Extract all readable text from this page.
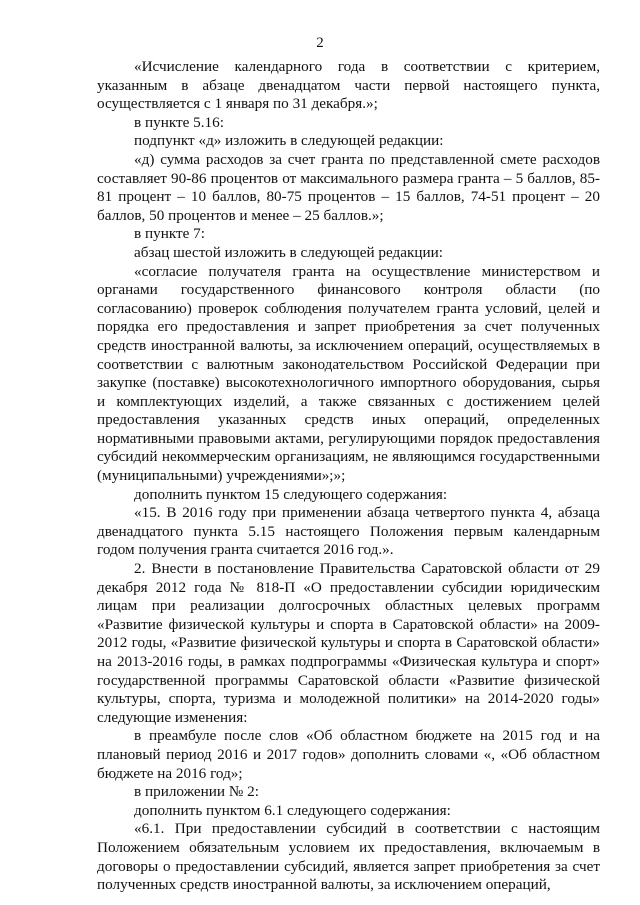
2

«Исчисление календарного года в соответствии с критерием, указанным в абзаце двенадцатом части первой настоящего пункта, осуществляется с 1 января по 31 декабря.»;

в пункте 5.16:

подпункт «д» изложить в следующей редакции:

«д) сумма расходов за счет гранта по представленной смете расходов составляет 90-86 процентов от максимального размера гранта – 5 баллов, 85-81 процент – 10 баллов, 80-75 процентов – 15 баллов, 74-51 процент – 20 баллов, 50 процентов и менее – 25 баллов.»;

в пункте 7:

абзац шестой изложить в следующей редакции:

«согласие получателя гранта на осуществление министерством и органами государственного финансового контроля области (по согласованию) проверок соблюдения получателем гранта условий, целей и порядка его предоставления и запрет приобретения за счет полученных средств иностранной валюты, за исключением операций, осуществляемых в соответствии с валютным законодательством Российской Федерации при закупке (поставке) высокотехнологичного импортного оборудования, сырья и комплектующих изделий, а также связанных с достижением целей предоставления указанных средств иных операций, определенных нормативными правовыми актами, регулирующими порядок предоставления субсидий некоммерческим организациям, не являющимся государственными (муниципальными) учреждениями»;»;

дополнить пунктом 15 следующего содержания:

«15. В 2016 году при применении абзаца четвертого пункта 4, абзаца двенадцатого пункта 5.15 настоящего Положения первым календарным годом получения гранта считается 2016 год.».

2. Внести в постановление Правительства Саратовской области от 29 декабря 2012 года № 818-П «О предоставлении субсидии юридическим лицам при реализации долгосрочных областных целевых программ «Развитие физической культуры и спорта в Саратовской области» на 2009-2012 годы, «Развитие физической культуры и спорта в Саратовской области» на 2013-2016 годы, в рамках подпрограммы «Физическая культура и спорт» государственной программы Саратовской области «Развитие физической культуры, спорта, туризма и молодежной политики» на 2014-2020 годы» следующие изменения:

в преамбуле после слов «Об областном бюджете на 2015 год и на плановый период 2016 и 2017 годов» дополнить словами «, «Об областном бюджете на 2016 год»;

в приложении № 2:

дополнить пунктом 6.1 следующего содержания:

«6.1. При предоставлении субсидий в соответствии с настоящим Положением обязательным условием их предоставления, включаемым в договоры о предоставлении субсидий, является запрет приобретения за счет полученных средств иностранной валюты, за исключением операций,
